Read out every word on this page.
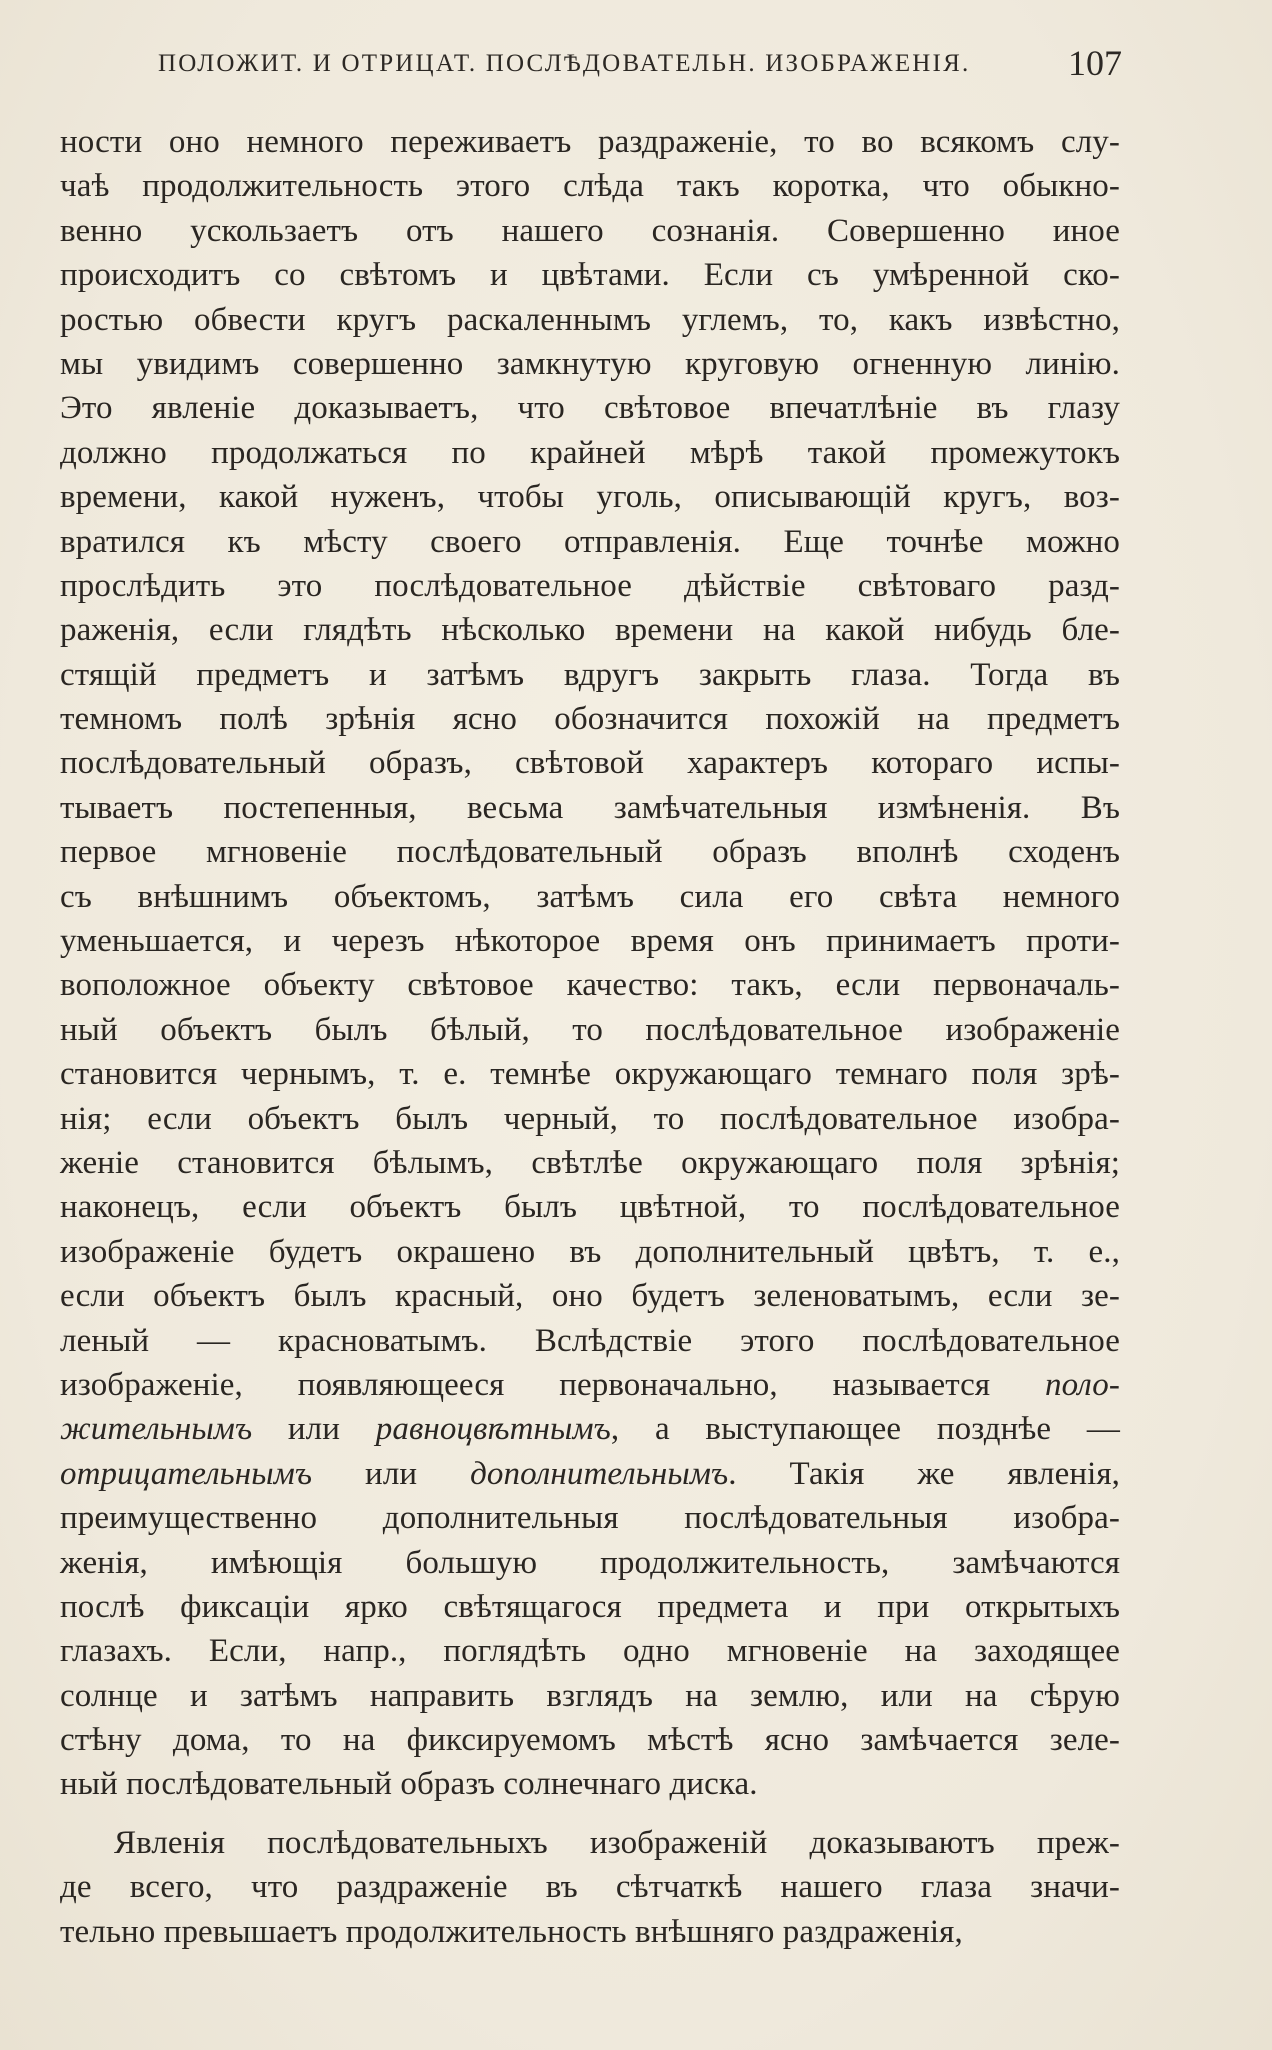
ПОЛОЖИТ. И ОТРИЦАТ. ПОСЛѢДОВАТЕЛЬН. ИЗОБРАЖЕНІЯ.	107
ности оно немного переживаетъ раздраженіе, то во всякомъ слу-
чаѣ продолжительность этого слѣда такъ коротка, что обыкно-
венно ускользаетъ отъ нашего сознанія. Совершенно иное
происходитъ со свѣтомъ и цвѣтами. Если съ умѣренной ско-
ростью обвести кругъ раскаленнымъ углемъ, то, какъ извѣстно,
мы увидимъ совершенно замкнутую круговую огненную линію.
Это явленіе доказываетъ, что свѣтовое впечатлѣніе въ глазу
должно продолжаться по крайней мѣрѣ такой промежутокъ
времени, какой нуженъ, чтобы уголь, описывающій кругъ, воз-
вратился къ мѣсту своего отправленія. Еще точнѣе можно
прослѣдить это послѣдовательное дѣйствіе свѣтоваго разд-
раженія, если глядѣть нѣсколько времени на какой нибудь бле-
стящій предметъ и затѣмъ вдругъ закрыть глаза. Тогда въ
темномъ полѣ зрѣнія ясно обозначится похожій на предметъ
послѣдовательный образъ, свѣтовой характеръ котораго испы-
тываетъ постепенныя, весьма замѣчательныя измѣненія. Въ
первое мгновеніе послѣдовательный образъ вполнѣ сходенъ
съ внѣшнимъ объектомъ, затѣмъ сила его свѣта немного
уменьшается, и черезъ нѣкоторое время онъ принимаетъ проти-
воположное объекту свѣтовое качество: такъ, если первоначаль-
ный объектъ былъ бѣлый, то послѣдовательное изображеніе
становится чернымъ, т. е. темнѣе окружающаго темнаго поля зрѣ-
нія; если объектъ былъ черный, то послѣдовательное изобра-
женіе становится бѣлымъ, свѣтлѣе окружающаго поля зрѣнія;
наконецъ, если объектъ былъ цвѣтной, то послѣдовательное
изображеніе будетъ окрашено въ дополнительный цвѣтъ, т. е.,
если объектъ былъ красный, оно будетъ зеленоватымъ, если зе-
леный — красноватымъ. Вслѣдствіе этого послѣдовательное
изображеніе, появляющееся первоначально, называется поло-
жительнымъ или равноцвѣтнымъ, а выступающее позднѣе —
отрицательнымъ или дополнительнымъ. Такія же явленія,
преимущественно дополнительныя послѣдовательныя изобра-
женія, имѣющія большую продолжительность, замѣчаются
послѣ фиксаціи ярко свѣтящагося предмета и при открытыхъ
глазахъ. Если, напр., поглядѣть одно мгновеніе на заходящее
солнце и затѣмъ направить взглядъ на землю, или на сѣрую
стѣну дома, то на фиксируемомъ мѣстѣ ясно замѣчается зеле-
ный послѣдовательный образъ солнечнаго диска.
Явленія послѣдовательныхъ изображеній доказываютъ преж-
де всего, что раздраженіе въ сѣтчаткѣ нашего глаза значи-
тельно превышаетъ продолжительность внѣшняго раздраженія,
